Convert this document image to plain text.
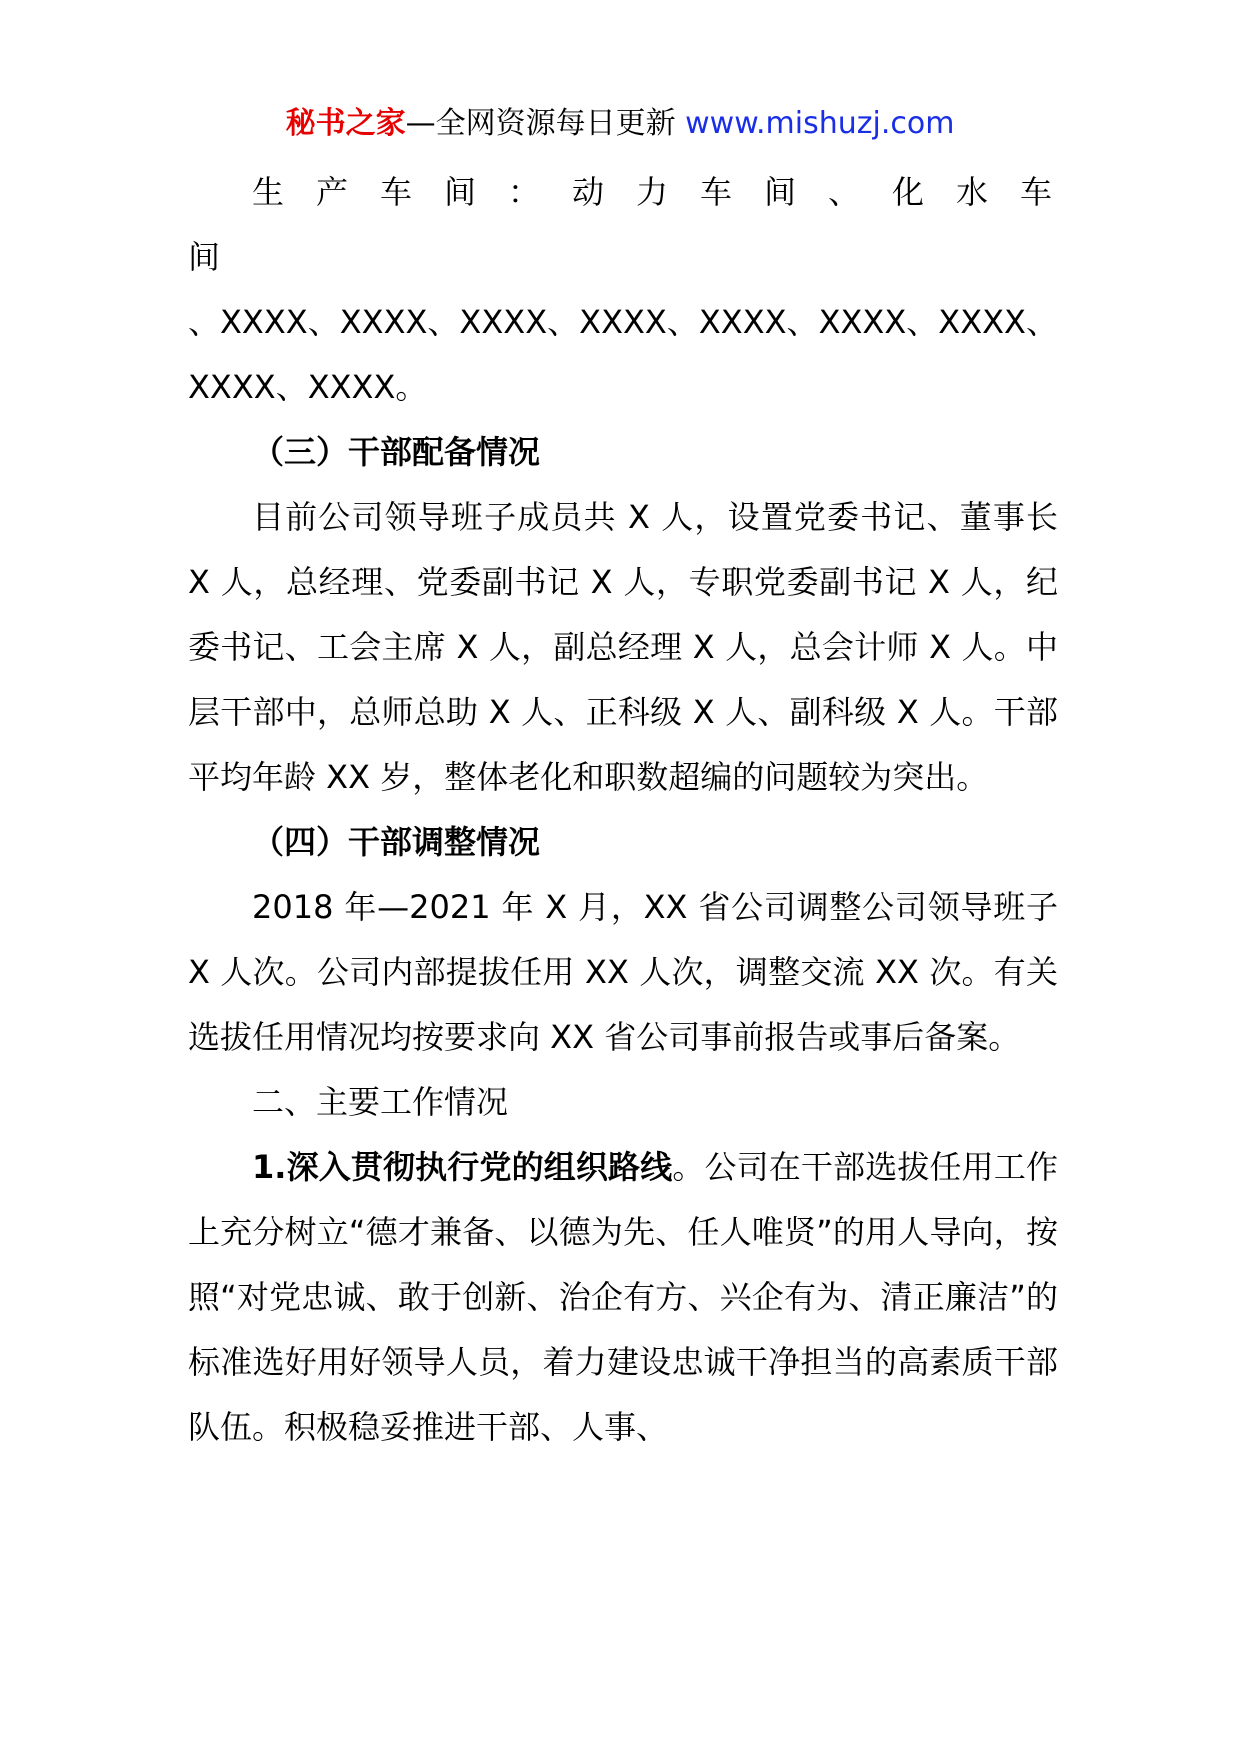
秘书之家—全网资源每日更新 www.mishuzj.com

生产车间：动力车间、化水车

间

、XXXX、XXXX、XXXX、XXXX、XXXX、XXXX、XXXX、XXXX、XXXX。

（三）干部配备情况

目前公司领导班子成员共 X 人，设置党委书记、董事长 X 人，总经理、党委副书记 X 人，专职党委副书记 X 人，纪委书记、工会主席 X 人，副总经理 X 人，总会计师 X 人。中层干部中，总师总助 X 人、正科级 X 人、副科级 X 人。干部平均年龄 XX 岁，整体老化和职数超编的问题较为突出。

（四）干部调整情况

2018 年—2021 年 X 月，XX 省公司调整公司领导班子 X 人次。公司内部提拔任用 XX 人次，调整交流 XX 次。有关选拔任用情况均按要求向 XX 省公司事前报告或事后备案。

二、主要工作情况

1.深入贯彻执行党的组织路线。公司在干部选拔任用工作上充分树立“德才兼备、以德为先、任人唯贤”的用人导向，按照“对党忠诚、敢于创新、治企有方、兴企有为、清正廉洁”的标准选好用好领导人员，着力建设忠诚干净担当的高素质干部队伍。积极稳妥推进干部、人事、
